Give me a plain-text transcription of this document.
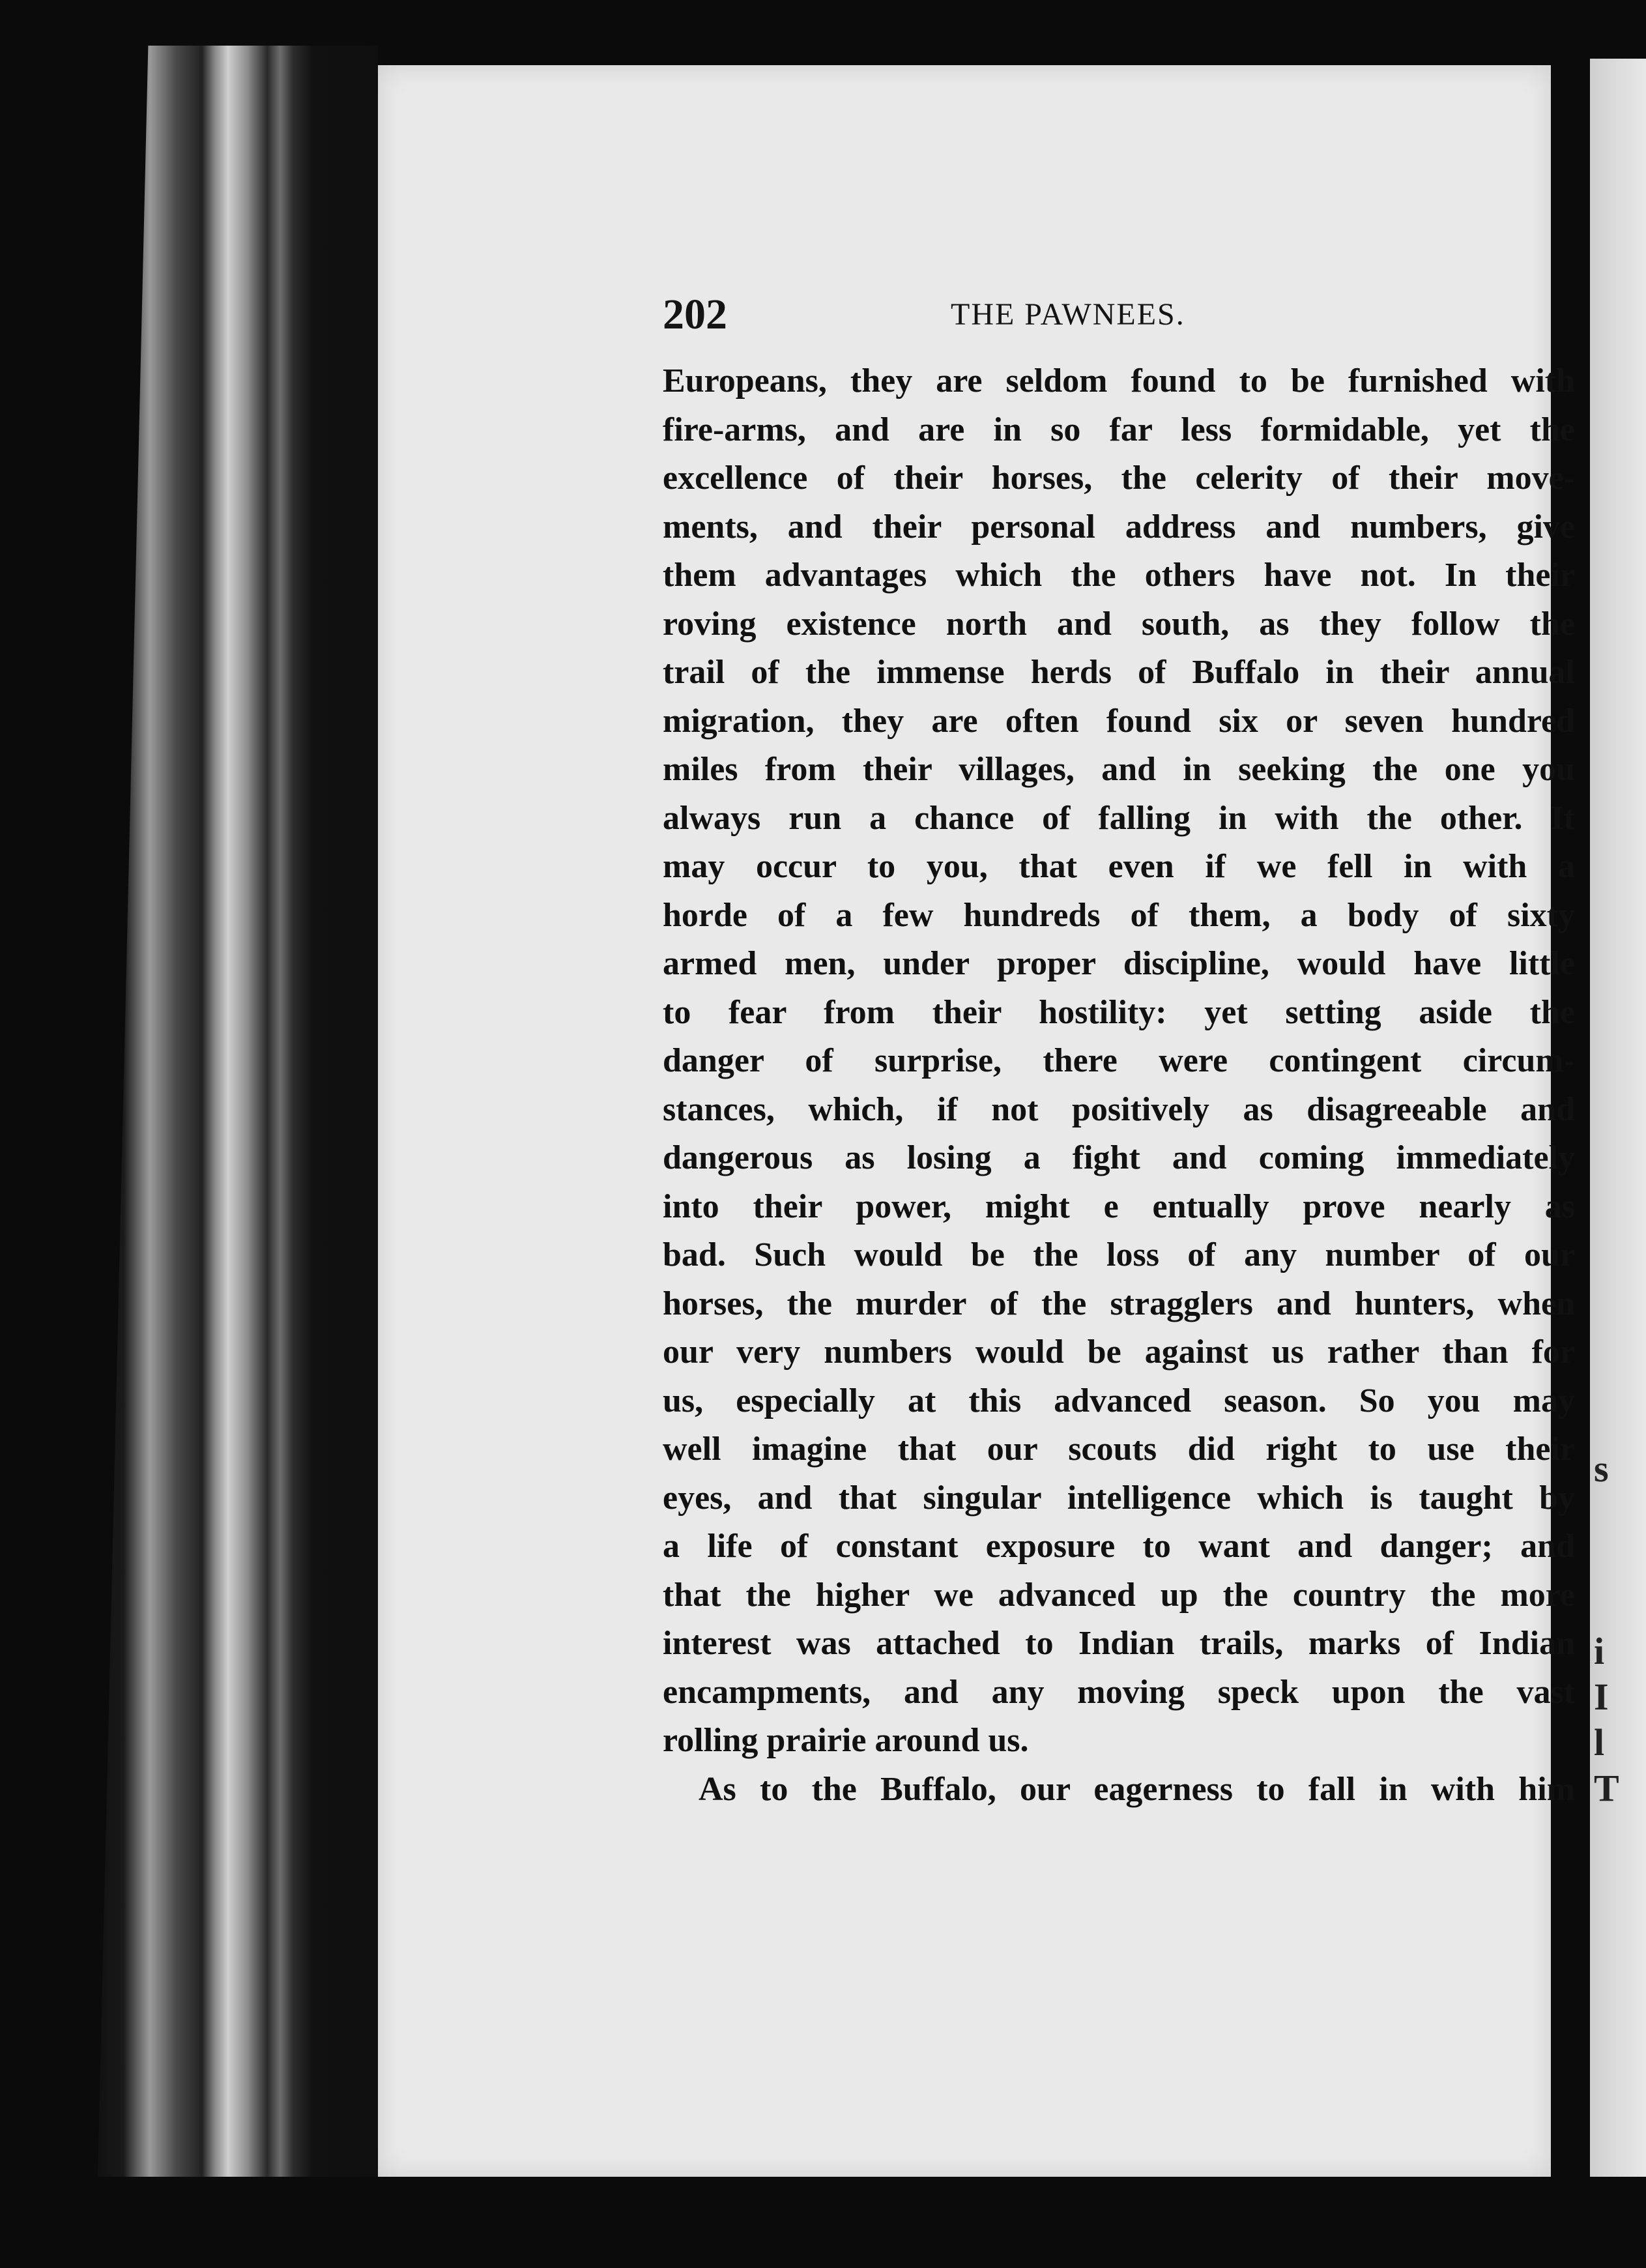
s
i
I
l
T
202	THE PAWNEES.
Europeans, they are seldom found to be furnished with
fire-arms, and are in so far less formidable, yet the
excellence of their horses, the celerity of their move-
ments, and their personal address and numbers, give
them advantages which the others have not. In their
roving existence north and south, as they follow the
trail of the immense herds of Buffalo in their annual
migration, they are often found six or seven hundred
miles from their villages, and in seeking the one you
always run a chance of falling in with the other. It
may occur to you, that even if we fell in with a
horde of a few hundreds of them, a body of sixty
armed men, under proper discipline, would have little
to fear from their hostility: yet setting aside the
danger of surprise, there were contingent circum-
stances, which, if not positively as disagreeable and
dangerous as losing a fight and coming immediately
into their power, might e entually prove nearly as
bad. Such would be the loss of any number of our
horses, the murder of the stragglers and hunters, when
our very numbers would be against us rather than for
us, especially at this advanced season. So you may
well imagine that our scouts did right to use their
eyes, and that singular intelligence which is taught by
a life of constant exposure to want and danger; and
that the higher we advanced up the country the more
interest was attached to Indian trails, marks of Indian
encampments, and any moving speck upon the vast
rolling prairie around us.
As to the Buffalo, our eagerness to fall in with him
